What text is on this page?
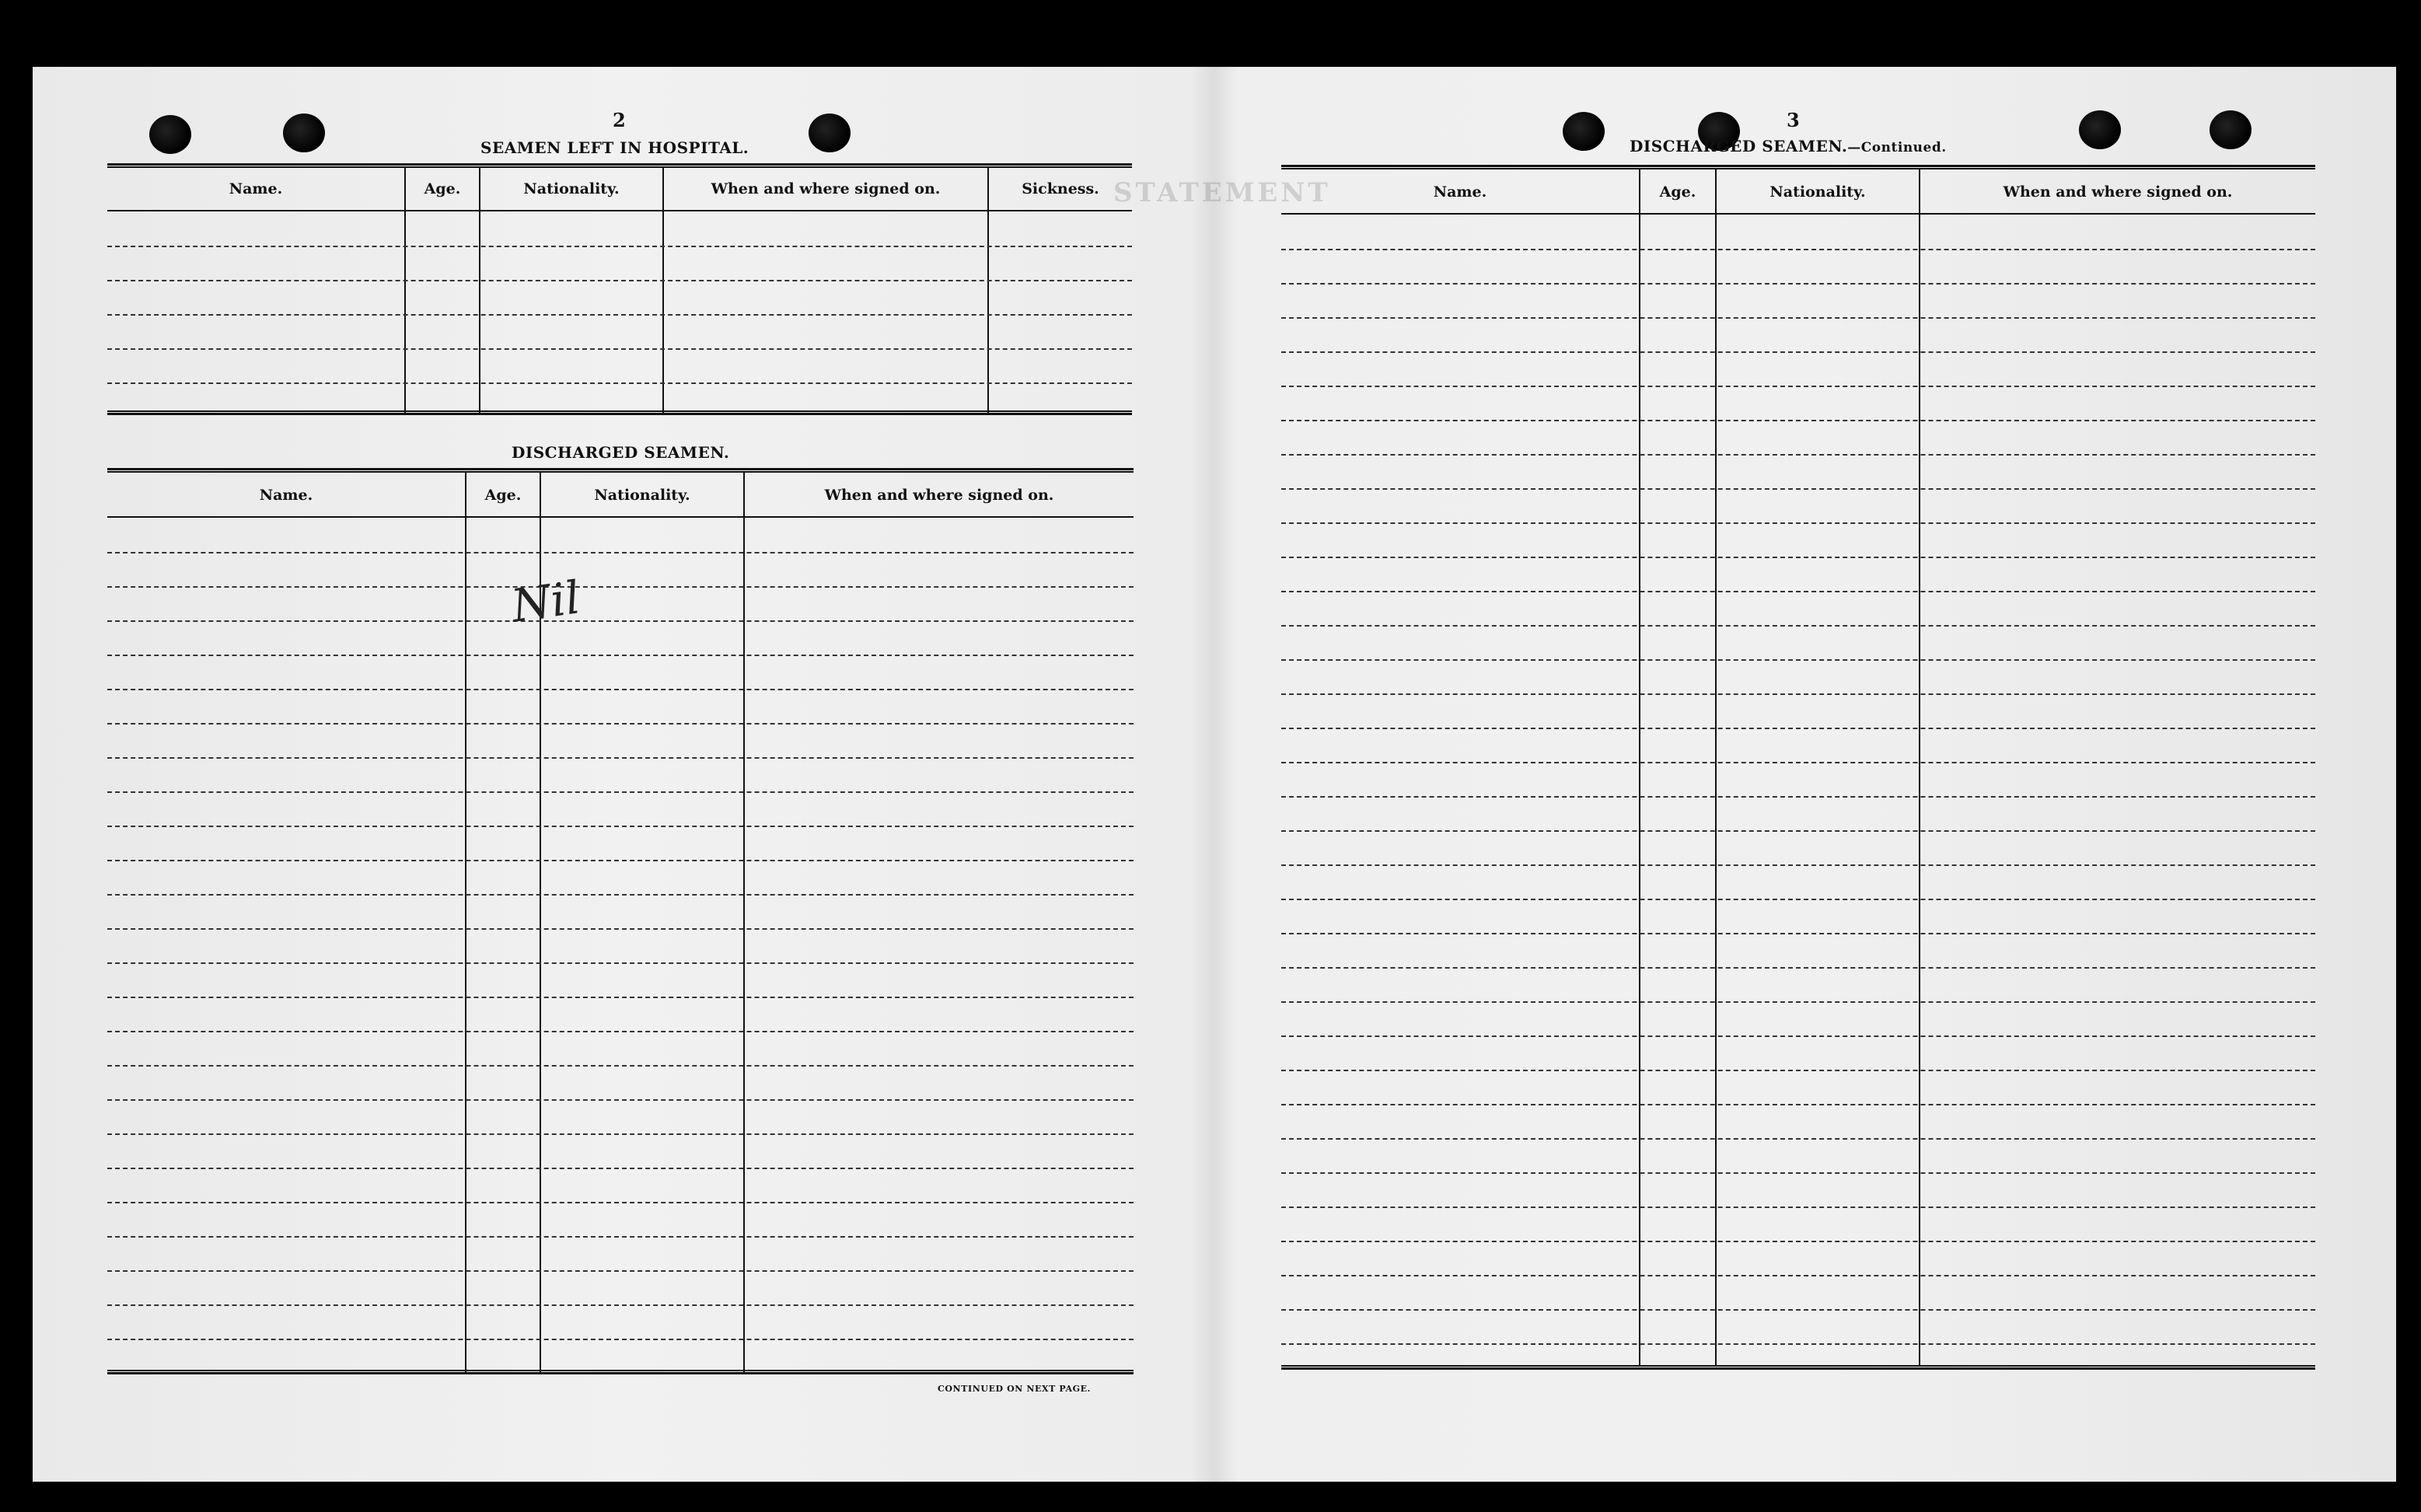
STATEMENT
2
SEAMEN LEFT IN HOSPITAL.
Name.	Age.	Nationality.	When and where signed on.	Sickness.
DISCHARGED SEAMEN.
Name.	Age.	Nationality.	When and where signed on.
Nil
CONTINUED ON NEXT PAGE.
3
DISCHARGED SEAMEN.—Continued.
Name.	Age.	Nationality.	When and where signed on.
